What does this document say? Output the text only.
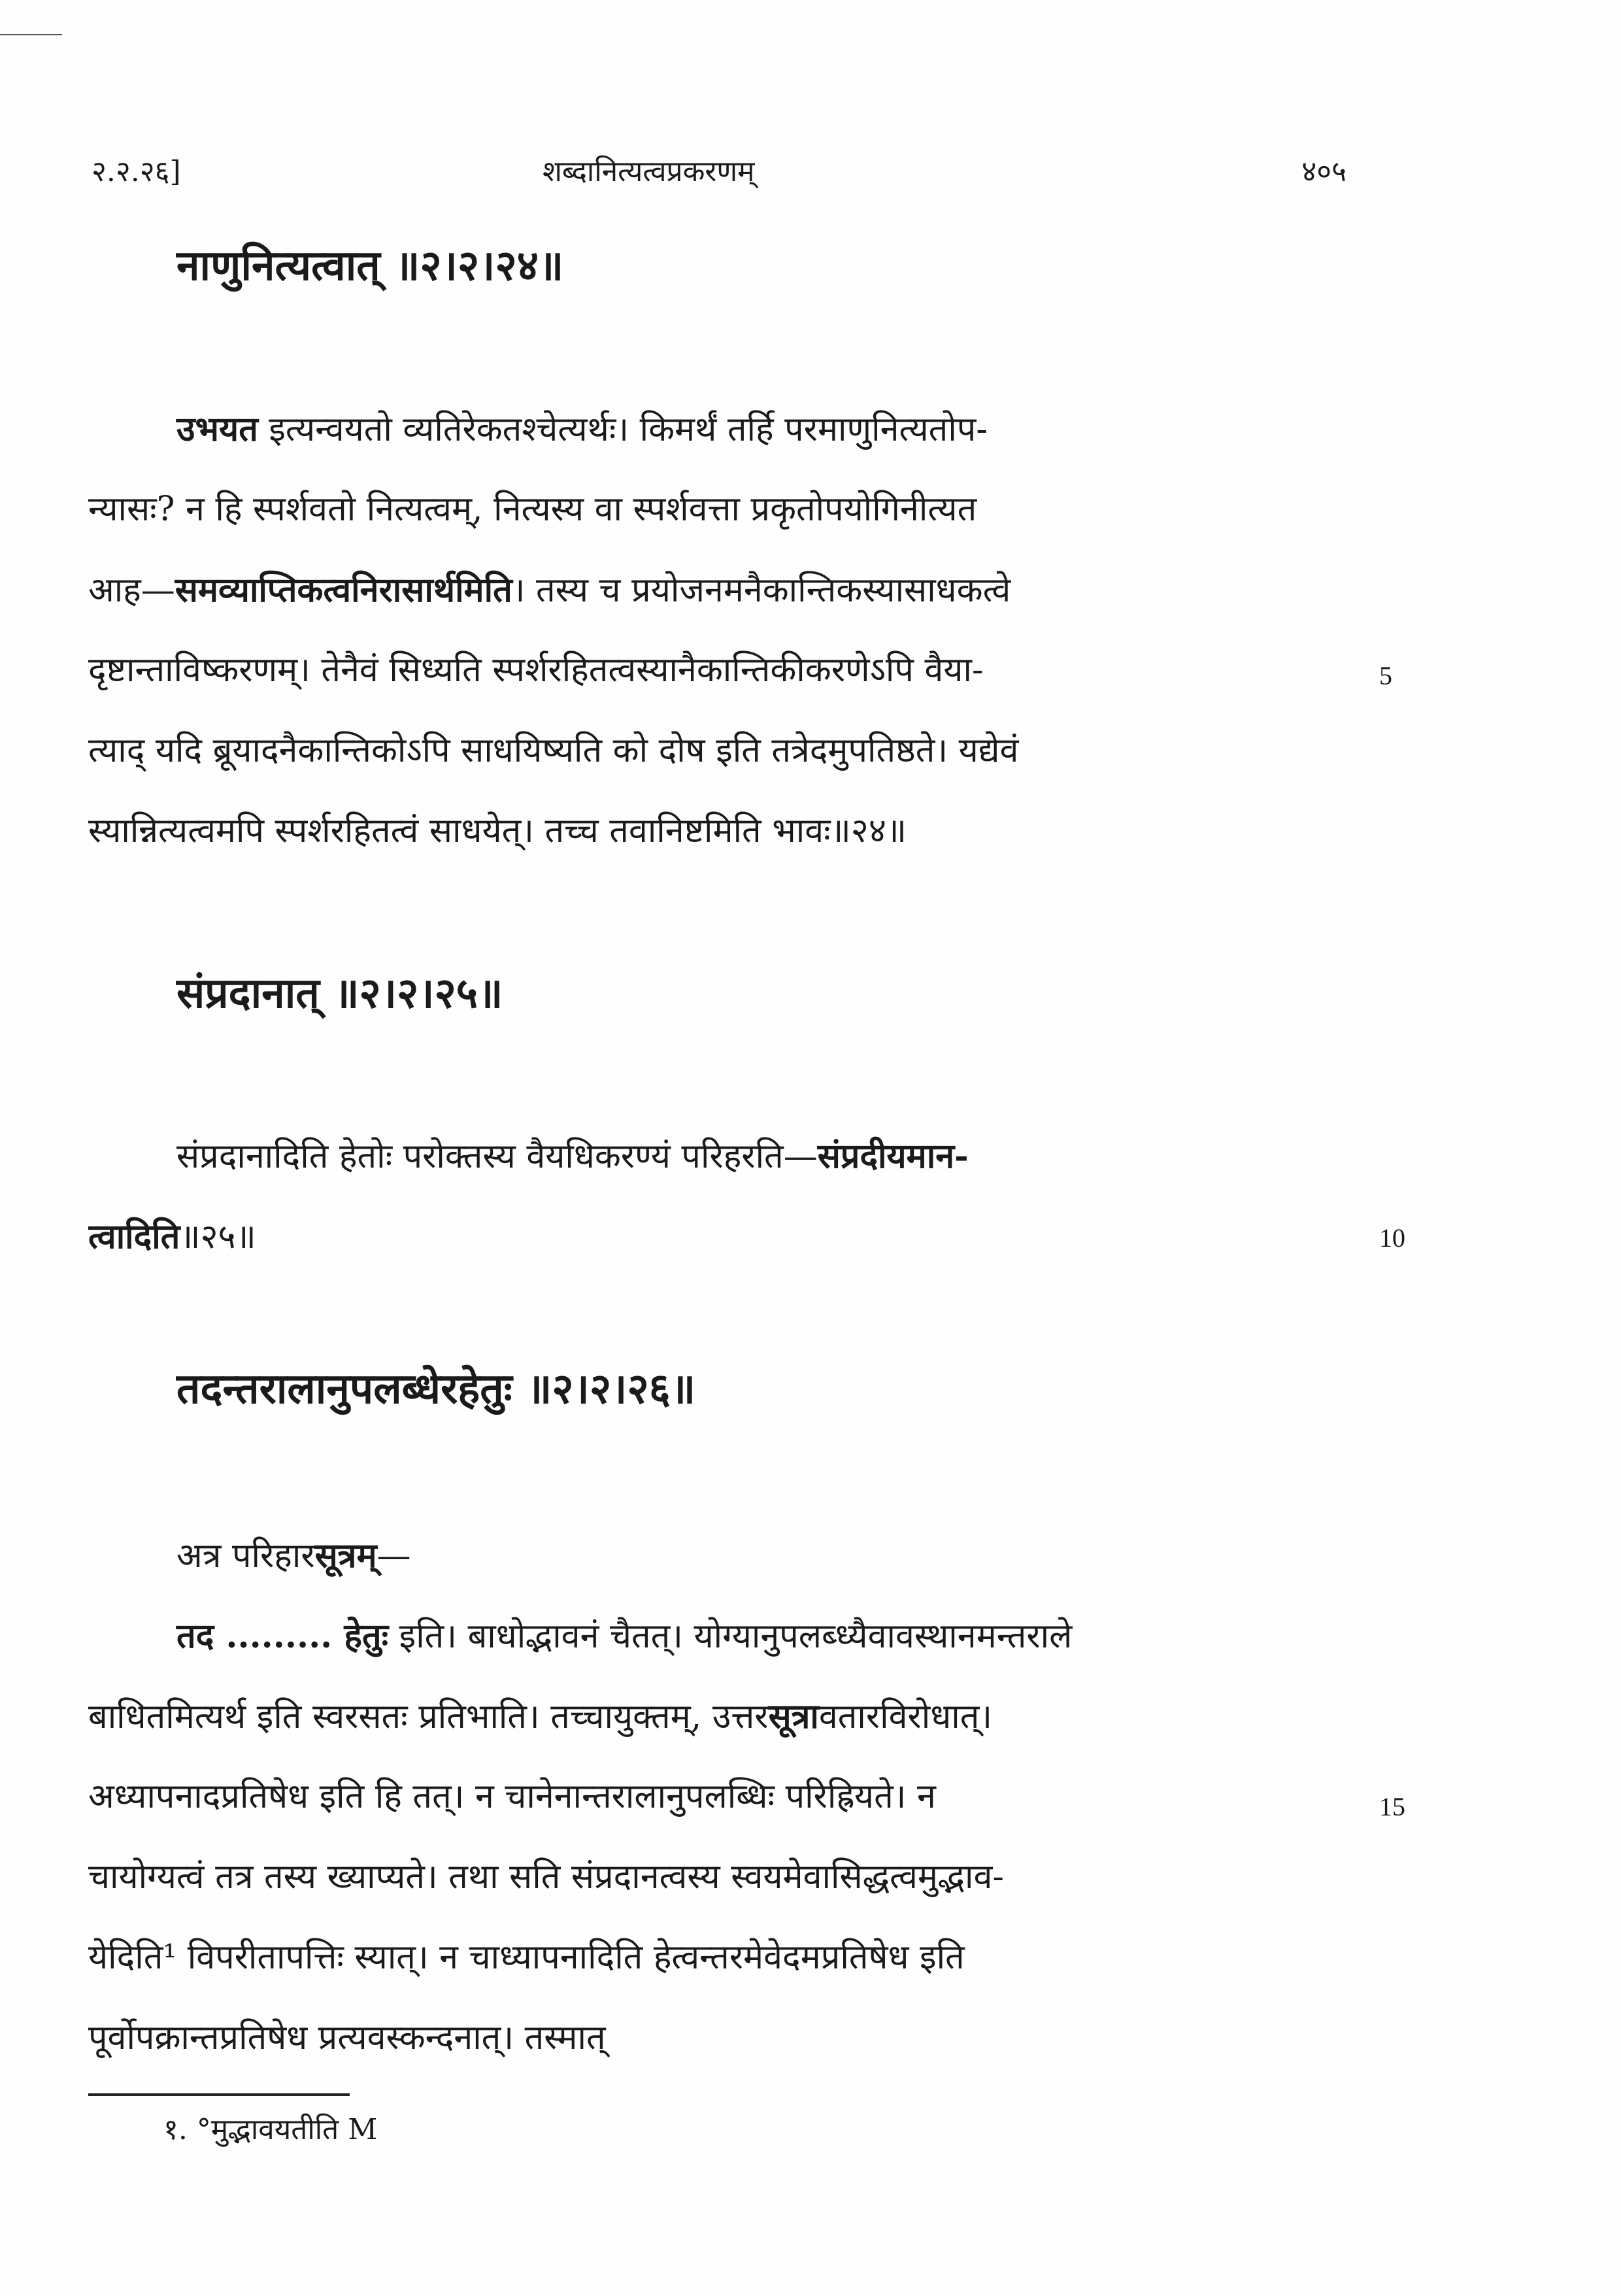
२.२.२६]	शब्दानित्यत्वप्रकरणम्	४०५
नाणुनित्यत्वात् ॥२।२।२४॥
उभयत इत्यन्वयतो व्यतिरेकतश्चेत्यर्थः। किमर्थं तर्हि परमाणुनित्यतोप-
न्यासः? न हि स्पर्शवतो नित्यत्वम्, नित्यस्य वा स्पर्शवत्ता प्रकृतोपयोगिनीत्यत
आह—समव्याप्तिकत्वनिरासार्थमिति। तस्य च प्रयोजनमनैकान्तिकस्यासाधकत्वे
दृष्टान्ताविष्करणम्। तेनैवं सिध्यति स्पर्शरहितत्वस्यानैकान्तिकीकरणेऽपि वैया-
त्याद् यदि ब्रूयादनैकान्तिकोऽपि साधयिष्यति को दोष इति तत्रेदमुपतिष्ठते। यद्येवं
स्यान्नित्यत्वमपि स्पर्शरहितत्वं साधयेत्। तच्च तवानिष्टमिति भावः॥२४॥
संप्रदानात् ॥२।२।२५॥
संप्रदानादिति हेतोः परोक्तस्य वैयधिकरण्यं परिहरति—संप्रदीयमान-
त्वादिति॥२५॥
तदन्तरालानुपलब्धेरहेतुः ॥२।२।२६॥
अत्र परिहारसूत्रम्—
तद ......... हेतुः इति। बाधोद्भावनं चैतत्। योग्यानुपलब्ध्यैवावस्थानमन्तराले
बाधितमित्यर्थ इति स्वरसतः प्रतिभाति। तच्चायुक्तम्, उत्तरसूत्रावतारविरोधात्।
अध्यापनादप्रतिषेध इति हि तत्। न चानेनान्तरालानुपलब्धिः परिह्रियते। न
चायोग्यत्वं तत्र तस्य ख्याप्यते। तथा सति संप्रदानत्वस्य स्वयमेवासिद्धत्वमुद्भाव-
येदिति¹ विपरीतापत्तिः स्यात्। न चाध्यापनादिति हेत्वन्तरमेवेदमप्रतिषेध इति
पूर्वोपक्रान्तप्रतिषेध प्रत्यवस्कन्दनात्। तस्मात्
5
10
15
१. °मुद्भावयतीति M
